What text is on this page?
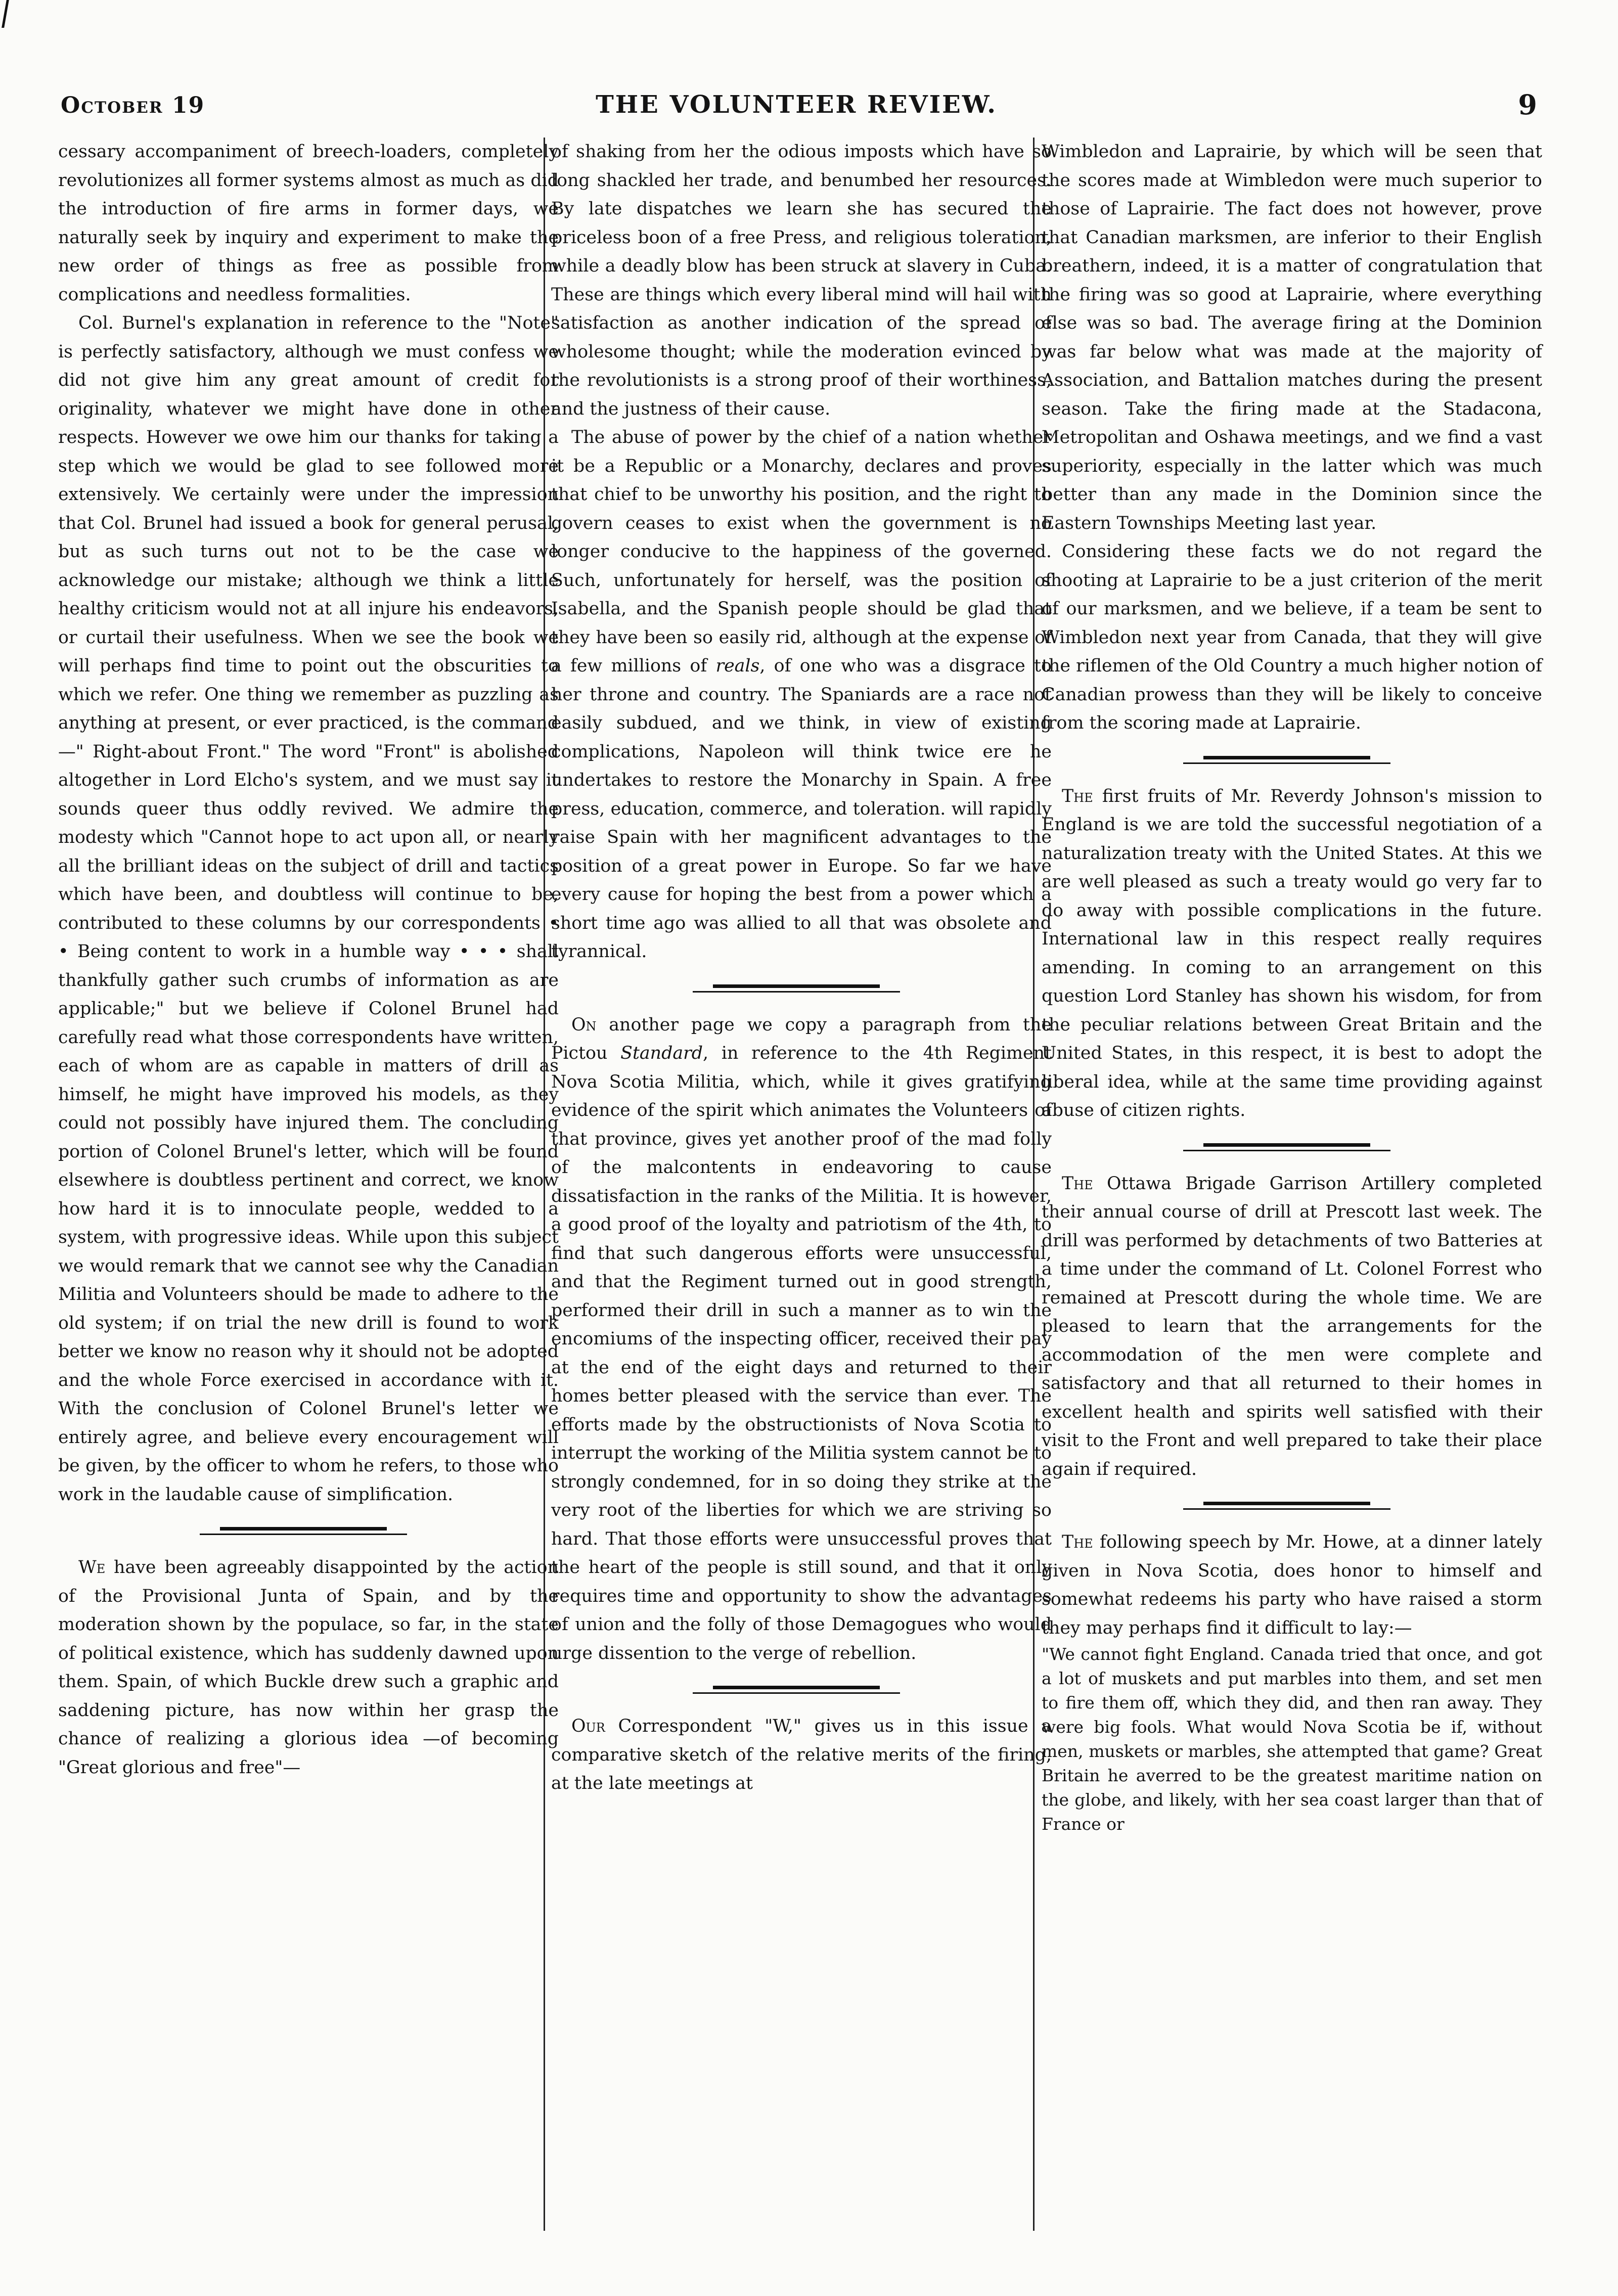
October 19	THE VOLUNTEER REVIEW.	9

cessary accompaniment of breech-loaders, completely revolutionizes all former systems almost as much as did the introduction of fire arms in former days, we naturally seek by inquiry and experiment to make the new order of things as free as possible from complications and needless formalities.

Col. Burnel's explanation in reference to the "Note" is perfectly satisfactory, although we must confess we did not give him any great amount of credit for originality, whatever we might have done in other respects. However we owe him our thanks for taking a step which we would be glad to see followed more extensively. We certainly were under the impression that Col. Brunel had issued a book for general perusal, but as such turns out not to be the case we acknowledge our mistake; although we think a little healthy criticism would not at all injure his endeavors, or curtail their usefulness. When we see the book we will perhaps find time to point out the obscurities to which we refer. One thing we remember as puzzling as anything at present, or ever practiced, is the command—" Right-about Front." The word "Front" is abolished altogether in Lord Elcho's system, and we must say it sounds queer thus oddly revived. We admire the modesty which "Cannot hope to act upon all, or nearly all the brilliant ideas on the subject of drill and tactics which have been, and doubtless will continue to be, contributed to these columns by our correspondents • • Being content to work in a humble way • • • shall thankfully gather such crumbs of information as are applicable;" but we believe if Colonel Brunel had carefully read what those correspondents have written, each of whom are as capable in matters of drill as himself, he might have improved his models, as they could not possibly have injured them. The concluding portion of Colonel Brunel's letter, which will be found elsewhere is doubtless pertinent and correct, we know how hard it is to innoculate people, wedded to a system, with progressive ideas. While upon this subject we would remark that we cannot see why the Canadian Militia and Volunteers should be made to adhere to the old system; if on trial the new drill is found to work better we know no reason why it should not be adopted and the whole Force exercised in accordance with it. With the conclusion of Colonel Brunel's letter we entirely agree, and believe every encouragement will be given, by the officer to whom he refers, to those who work in the laudable cause of simplification.

We have been agreeably disappointed by the action of the Provisional Junta of Spain, and by the moderation shown by the populace, so far, in the state of political existence, which has suddenly dawned upon them. Spain, of which Buckle drew such a graphic and saddening picture, has now within her grasp the chance of realizing a glorious idea —of becoming "Great glorious and free"—

of shaking from her the odious imposts which have so long shackled her trade, and benumbed her resources. By late dispatches we learn she has secured the priceless boon of a free Press, and religious toleration, while a deadly blow has been struck at slavery in Cuba. These are things which every liberal mind will hail with satisfaction as another indication of the spread of wholesome thought; while the moderation evinced by the revolutionists is a strong proof of their worthiness, and the justness of their cause.

The abuse of power by the chief of a nation whether it be a Republic or a Monarchy, declares and proves that chief to be unworthy his position, and the right to govern ceases to exist when the government is no longer conducive to the happiness of the governed. Such, unfortunately for herself, was the position of Isabella, and the Spanish people should be glad that they have been so easily rid, although at the expense of a few millions of reals, of one who was a disgrace to her throne and country. The Spaniards are a race not easily subdued, and we think, in view of existing complications, Napoleon will think twice ere he undertakes to restore the Monarchy in Spain. A free press, education, commerce, and toleration. will rapidly raise Spain with her magnificent advantages to the position of a great power in Europe. So far we have every cause for hoping the best from a power which a short time ago was allied to all that was obsolete and tyrannical.

On another page we copy a paragraph from the Pictou Standard, in reference to the 4th Regiment Nova Scotia Militia, which, while it gives gratifying evidence of the spirit which animates the Volunteers of that province, gives yet another proof of the mad folly of the malcontents in endeavoring to cause dissatisfaction in the ranks of the Militia. It is however, a good proof of the loyalty and patriotism of the 4th, to find that such dangerous efforts were unsuccessful, and that the Regiment turned out in good strength, performed their drill in such a manner as to win the encomiums of the inspecting officer, received their pay at the end of the eight days and returned to their homes better pleased with the service than ever. The efforts made by the obstructionists of Nova Scotia to interrupt the working of the Militia system cannot be to strongly condemned, for in so doing they strike at the very root of the liberties for which we are striving so hard. That those efforts were unsuccessful proves that the heart of the people is still sound, and that it only requires time and opportunity to show the advantages of union and the folly of those Demagogues who would urge dissention to the verge of rebellion.

Our Correspondent "W," gives us in this issue a comparative sketch of the relative merits of the firing, at the late meetings at

Wimbledon and Laprairie, by which will be seen that the scores made at Wimbledon were much superior to those of Laprairie. The fact does not however, prove that Canadian marksmen, are inferior to their English breathern, indeed, it is a matter of congratulation that the firing was so good at Laprairie, where everything else was so bad. The average firing at the Dominion was far below what was made at the majority of Association, and Battalion matches during the present season. Take the firing made at the Stadacona, Metropolitan and Oshawa meetings, and we find a vast superiority, especially in the latter which was much better than any made in the Dominion since the Eastern Townships Meeting last year.

Considering these facts we do not regard the shooting at Laprairie to be a just criterion of the merit of our marksmen, and we believe, if a team be sent to Wimbledon next year from Canada, that they will give the riflemen of the Old Country a much higher notion of Canadian prowess than they will be likely to conceive from the scoring made at Laprairie.

The first fruits of Mr. Reverdy Johnson's mission to England is we are told the successful negotiation of a naturalization treaty with the United States. At this we are well pleased as such a treaty would go very far to do away with possible complications in the future. International law in this respect really requires amending. In coming to an arrangement on this question Lord Stanley has shown his wisdom, for from the peculiar relations between Great Britain and the United States, in this respect, it is best to adopt the liberal idea, while at the same time providing against abuse of citizen rights.

The Ottawa Brigade Garrison Artillery completed their annual course of drill at Prescott last week. The drill was performed by detachments of two Batteries at a time under the command of Lt. Colonel Forrest who remained at Prescott during the whole time. We are pleased to learn that the arrangements for the accommodation of the men were complete and satisfactory and that all returned to their homes in excellent health and spirits well satisfied with their visit to the Front and well prepared to take their place again if required.

The following speech by Mr. Howe, at a dinner lately given in Nova Scotia, does honor to himself and somewhat redeems his party who have raised a storm they may perhaps find it difficult to lay:—

"We cannot fight England. Canada tried that once, and got a lot of muskets and put marbles into them, and set men to fire them off, which they did, and then ran away. They were big fools. What would Nova Scotia be if, without men, muskets or marbles, she attempted that game? Great Britain he averred to be the greatest maritime nation on the globe, and likely, with her sea coast larger than that of France or
